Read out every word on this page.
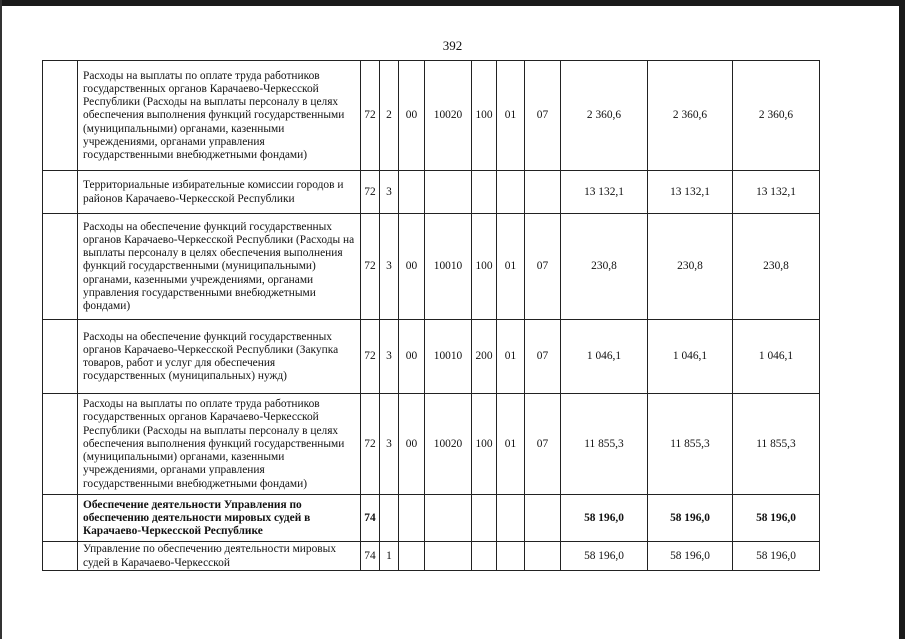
392
	Расходы на выплаты по оплате труда работников государственных органов Карачаево-Черкесской Республики (Расходы на выплаты персоналу в целях обеспечения выполнения функций государственными (муниципальными) органами, казенными учреждениями, органами управления государственными внебюджетными фондами)	72	2	00	10020	100	01	07	2 360,6	2 360,6	2 360,6
	Территориальные избирательные комиссии городов и районов Карачаево-Черкесской Республики	72	3						13 132,1	13 132,1	13 132,1
	Расходы на обеспечение функций государственных органов Карачаево-Черкесской Республики (Расходы на выплаты персоналу в целях обеспечения выполнения функций государственными (муниципальными) органами, казенными учреждениями, органами управления государственными внебюджетными фондами)	72	3	00	10010	100	01	07	230,8	230,8	230,8
	Расходы на обеспечение функций государственных органов Карачаево-Черкесской Республики (Закупка товаров, работ и услуг для обеспечения государственных (муниципальных) нужд)	72	3	00	10010	200	01	07	1 046,1	1 046,1	1 046,1
	Расходы на выплаты по оплате труда работников государственных органов Карачаево-Черкесской Республики (Расходы на выплаты персоналу в целях обеспечения выполнения функций государственными (муниципальными) органами, казенными учреждениями, органами управления государственными внебюджетными фондами)	72	3	00	10020	100	01	07	11 855,3	11 855,3	11 855,3
	Обеспечение деятельности Управления по обеспечению деятельности мировых судей в Карачаево-Черкесской Республике	74							58 196,0	58 196,0	58 196,0
	Управление по обеспечению деятельности мировых судей в Карачаево-Черкесской	74	1						58 196,0	58 196,0	58 196,0
